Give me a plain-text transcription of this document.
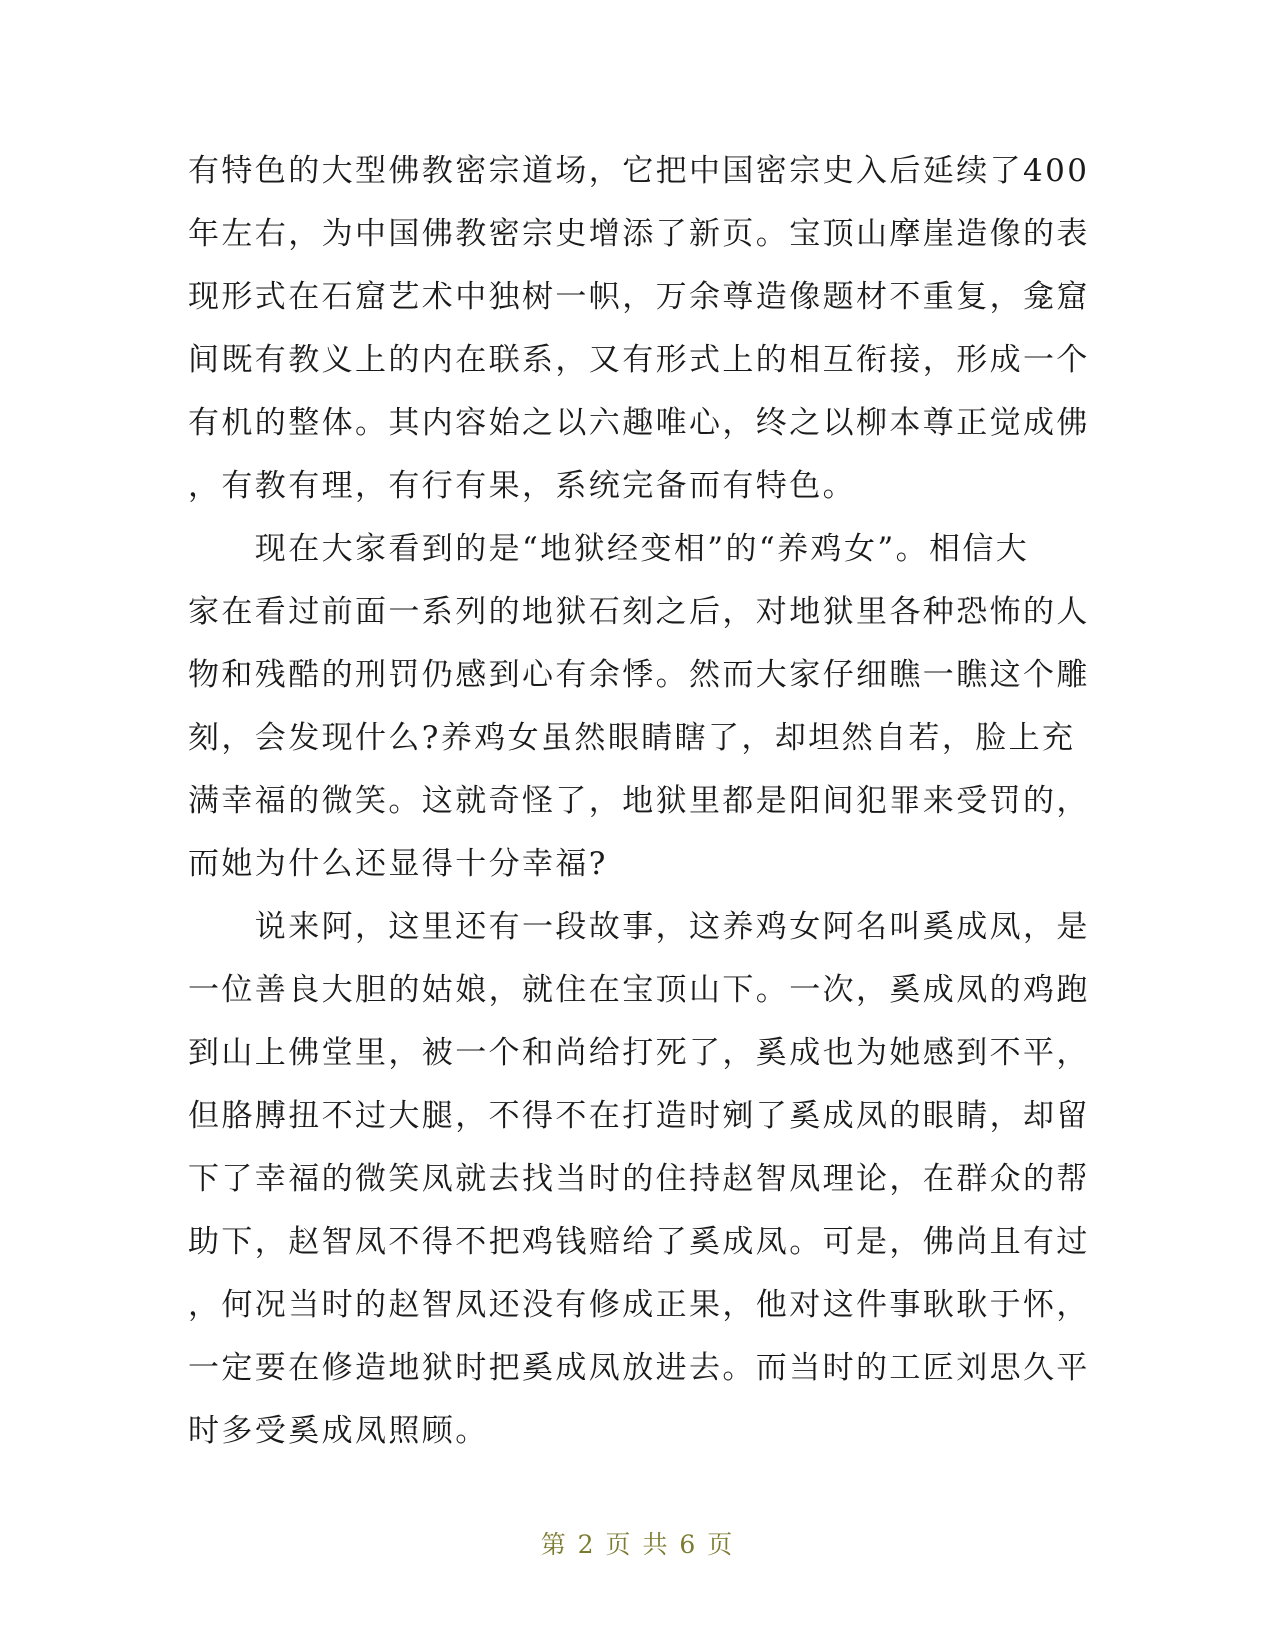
有特色的大型佛教密宗道场，它把中国密宗史入后延续了400
年左右，为中国佛教密宗史增添了新页。宝顶山摩崖造像的表
现形式在石窟艺术中独树一帜，万余尊造像题材不重复，龛窟
间既有教义上的内在联系，又有形式上的相互衔接，形成一个
有机的整体。其内容始之以六趣唯心，终之以柳本尊正觉成佛
，有教有理，有行有果，系统完备而有特色。
　　现在大家看到的是“地狱经变相”的“养鸡女”。相信大
家在看过前面一系列的地狱石刻之后，对地狱里各种恐怖的人
物和残酷的刑罚仍感到心有余悸。然而大家仔细瞧一瞧这个雕
刻，会发现什么?养鸡女虽然眼睛瞎了，却坦然自若，脸上充
满幸福的微笑。这就奇怪了，地狱里都是阳间犯罪来受罚的，
而她为什么还显得十分幸福?
　　说来阿，这里还有一段故事，这养鸡女阿名叫奚成凤，是
一位善良大胆的姑娘，就住在宝顶山下。一次，奚成凤的鸡跑
到山上佛堂里，被一个和尚给打死了，奚成也为她感到不平，
但胳膊扭不过大腿，不得不在打造时剜了奚成凤的眼睛，却留
下了幸福的微笑凤就去找当时的住持赵智凤理论，在群众的帮
助下，赵智凤不得不把鸡钱赔给了奚成凤。可是，佛尚且有过
，何况当时的赵智凤还没有修成正果，他对这件事耿耿于怀，
一定要在修造地狱时把奚成凤放进去。而当时的工匠刘思久平
时多受奚成凤照顾。
第 2 页 共 6 页
